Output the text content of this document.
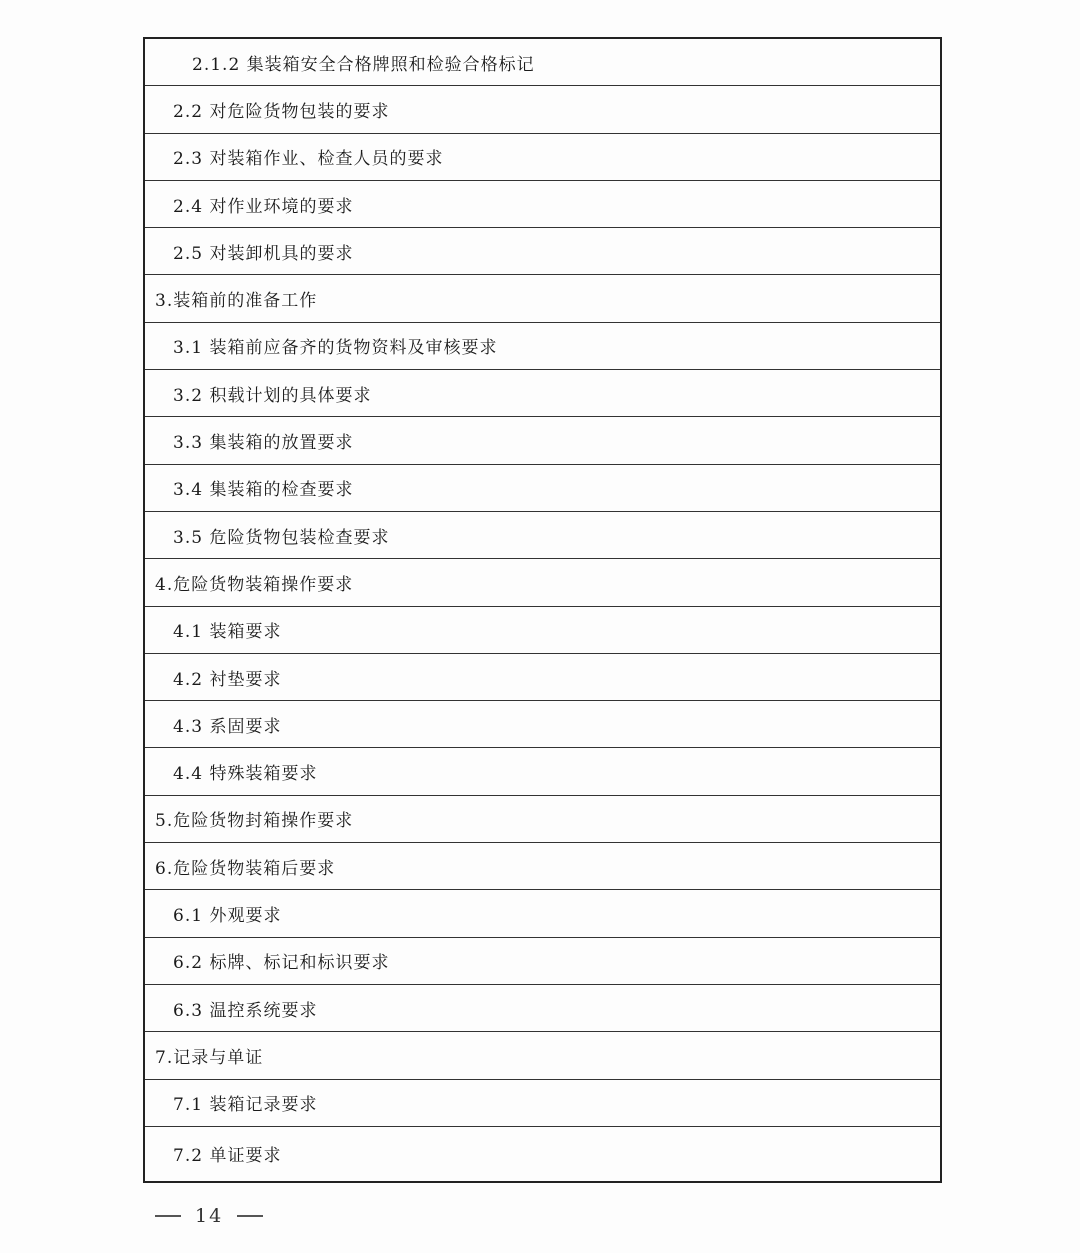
2.1.2 集装箱安全合格牌照和检验合格标记
2.2 对危险货物包装的要求
2.3 对装箱作业、检查人员的要求
2.4 对作业环境的要求
2.5 对装卸机具的要求
3.装箱前的准备工作
3.1 装箱前应备齐的货物资料及审核要求
3.2 积载计划的具体要求
3.3 集装箱的放置要求
3.4 集装箱的检查要求
3.5 危险货物包装检查要求
4.危险货物装箱操作要求
4.1 装箱要求
4.2 衬垫要求
4.3 系固要求
4.4 特殊装箱要求
5.危险货物封箱操作要求
6.危险货物装箱后要求
6.1 外观要求
6.2 标牌、标记和标识要求
6.3 温控系统要求
7.记录与单证
7.1 装箱记录要求
7.2 单证要求
14
